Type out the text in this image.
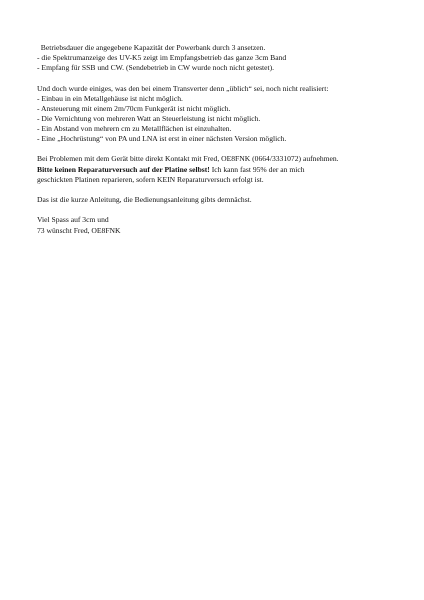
Betriebsdauer die angegebene Kapazität der Powerbank durch 3 ansetzen.
- die Spektrumanzeige des UV-K5 zeigt im Empfangsbetrieb das ganze 3cm Band
- Empfang für SSB und CW. (Sendebetrieb in CW wurde noch nicht getestet).
Und doch wurde einiges, was den bei einem Transverter denn „üblich“ sei, noch nicht realisiert:
- Einbau in ein Metallgehäuse ist nicht möglich.
- Ansteuerung mit einem 2m/70cm Funkgerät ist nicht möglich.
- Die Vernichtung von mehreren Watt an Steuerleistung ist nicht möglich.
- Ein Abstand von mehrern cm zu Metallflächen ist einzuhalten.
- Eine „Hochrüstung“ von PA und LNA ist erst in einer nächsten Version möglich.
Bei Problemen mit dem Gerät bitte direkt Kontakt mit Fred, OE8FNK (0664/3331072) aufnehmen.
Bitte keinen Reparaturversuch auf der Platine selbst! Ich kann fast 95% der an mich
geschickten Platinen reparieren, sofern KEIN Reparaturversuch erfolgt ist.
Das ist die kurze Anleitung, die Bedienungsanleitung gibts demnächst.
Viel Spass auf 3cm und
73 wünscht Fred, OE8FNK
